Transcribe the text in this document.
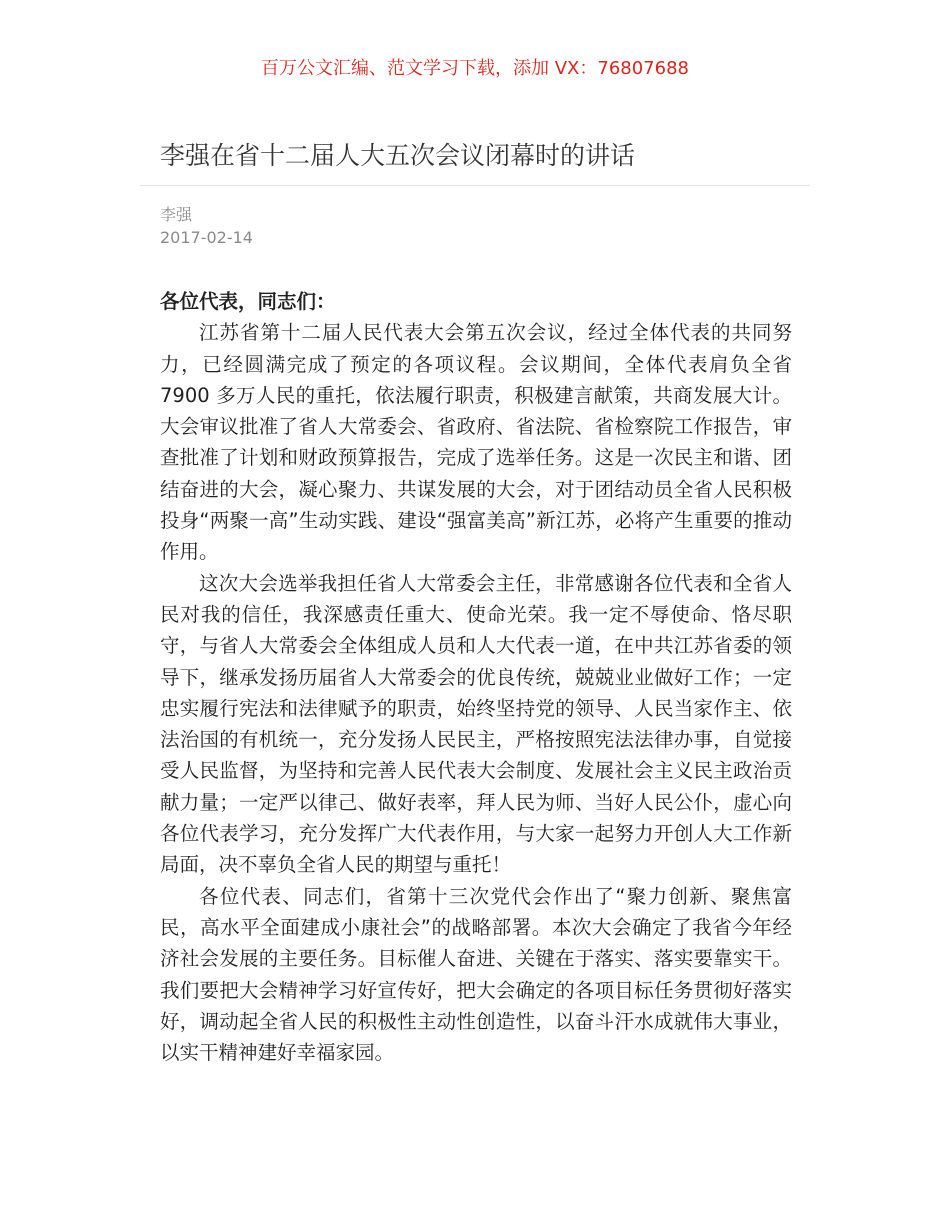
百万公文汇编、范文学习下载，添加 VX：76807688
李强在省十二届人大五次会议闭幕时的讲话
李强
2017-02-14

各位代表，同志们：

江苏省第十二届人民代表大会第五次会议，经过全体代表的共同努力，已经圆满完成了预定的各项议程。会议期间，全体代表肩负全省 7900 多万人民的重托，依法履行职责，积极建言献策，共商发展大计。大会审议批准了省人大常委会、省政府、省法院、省检察院工作报告，审查批准了计划和财政预算报告，完成了选举任务。这是一次民主和谐、团结奋进的大会，凝心聚力、共谋发展的大会，对于团结动员全省人民积极投身“两聚一高”生动实践、建设“强富美高”新江苏，必将产生重要的推动作用。

这次大会选举我担任省人大常委会主任，非常感谢各位代表和全省人民对我的信任，我深感责任重大、使命光荣。我一定不辱使命、恪尽职守，与省人大常委会全体组成人员和人大代表一道，在中共江苏省委的领导下，继承发扬历届省人大常委会的优良传统，兢兢业业做好工作；一定忠实履行宪法和法律赋予的职责，始终坚持党的领导、人民当家作主、依法治国的有机统一，充分发扬人民民主，严格按照宪法法律办事，自觉接受人民监督，为坚持和完善人民代表大会制度、发展社会主义民主政治贡献力量；一定严以律己、做好表率，拜人民为师、当好人民公仆，虚心向各位代表学习，充分发挥广大代表作用，与大家一起努力开创人大工作新局面，决不辜负全省人民的期望与重托！

各位代表、同志们，省第十三次党代会作出了“聚力创新、聚焦富民，高水平全面建成小康社会”的战略部署。本次大会确定了我省今年经济社会发展的主要任务。目标催人奋进、关键在于落实、落实要靠实干。我们要把大会精神学习好宣传好，把大会确定的各项目标任务贯彻好落实好，调动起全省人民的积极性主动性创造性，以奋斗汗水成就伟大事业，以实干精神建好幸福家园。
